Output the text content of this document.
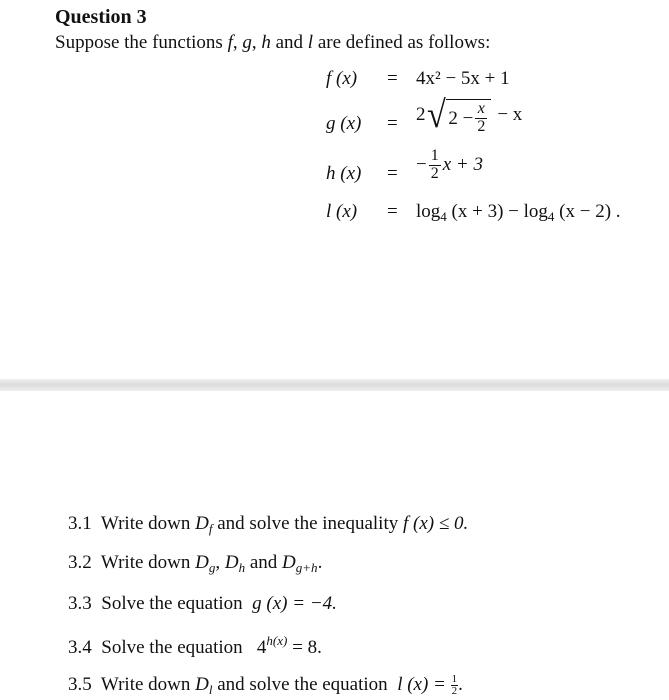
Question 3
Suppose the functions f, g, h and l are defined as follows:
f (x) = 4x² − 5x + 1
g (x) = 2 √ $2 - \frac{x}{2} - x$
h (x) = − $\frac{1}{2}$ x + 3
l $(x) = \log_4 (x + 3) - \log_4 (x - 2)$ .
3.1 Write down $D_f$ and solve the inequality f (x) ≤ 0.
3.2 Write down $D_g$, $D_h$ and $D_{g+h}$.
3.3 Solve the equation g (x) = −4.
3.4 Solve the equation $4^{h(x)} = 8$.
3.5 Write down $D_l$ and solve the equation l $(x) = \frac{1}{2}$ .
